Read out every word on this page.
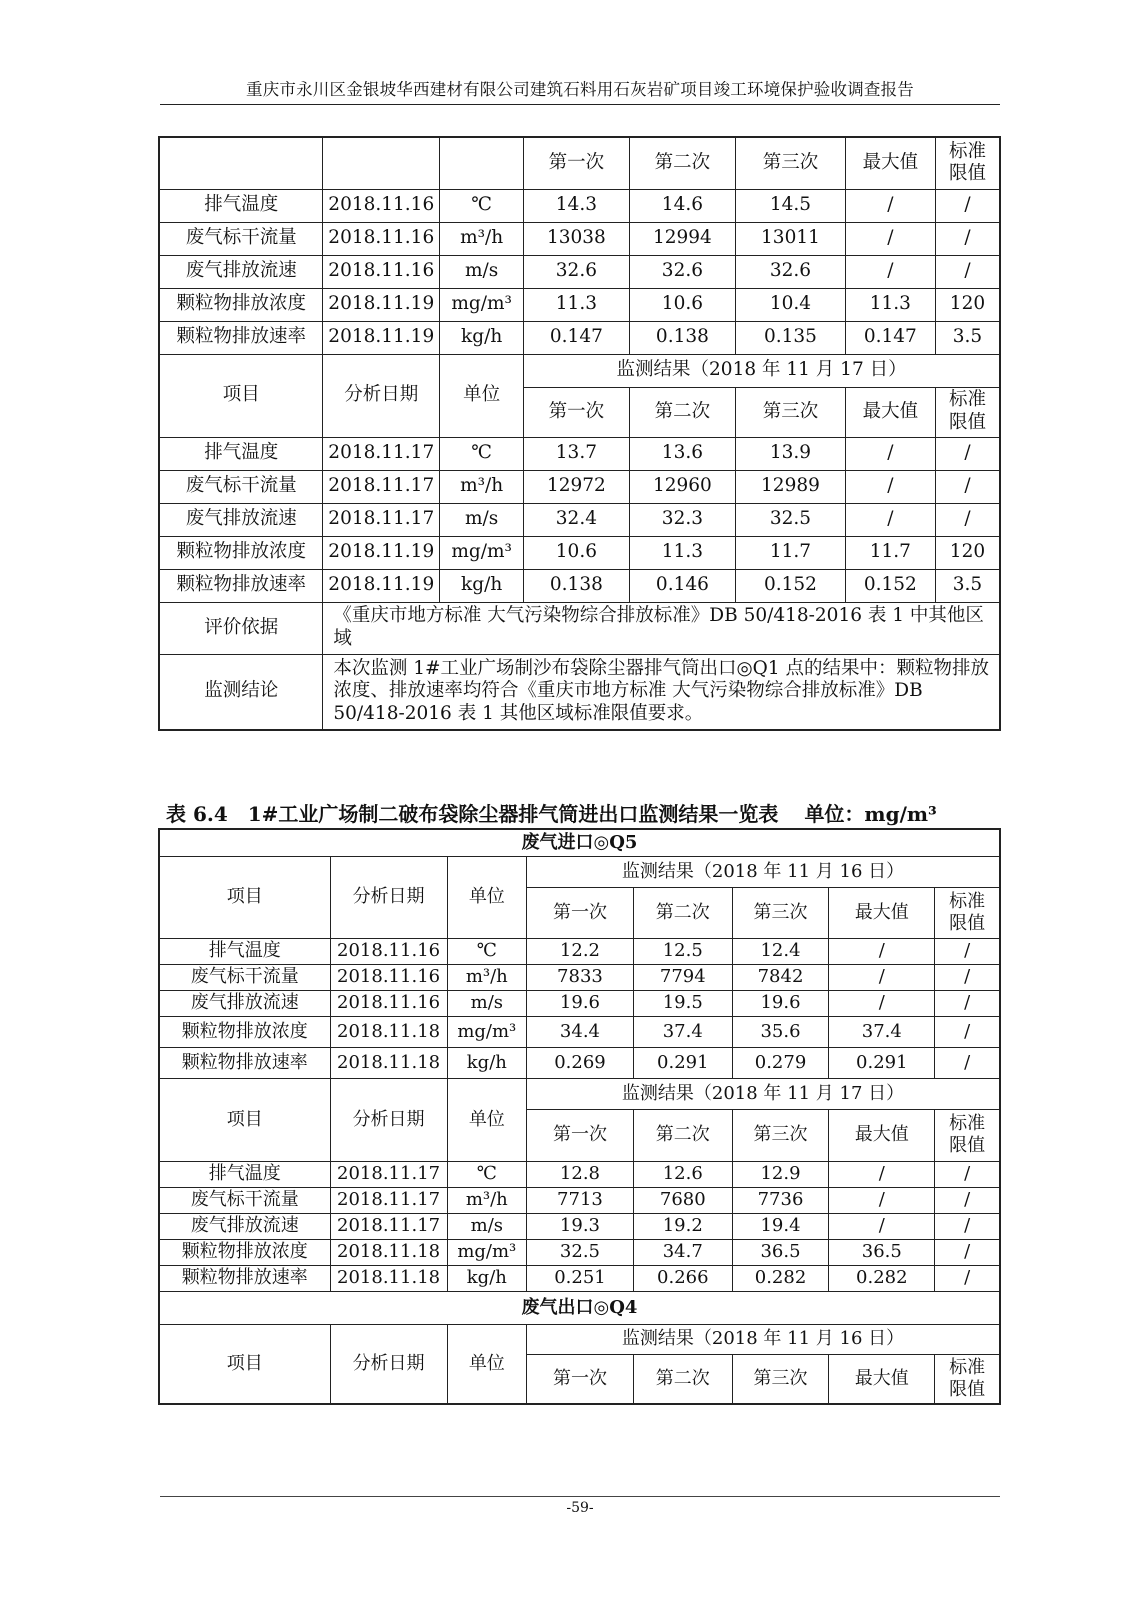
重庆市永川区金银坡华西建材有限公司建筑石料用石灰岩矿项目竣工环境保护验收调查报告
			第一次	第二次	第三次	最大值	标准
限值
排气温度	2018.11.16	℃	14.3	14.6	14.5	/	/
废气标干流量	2018.11.16	m³/h	13038	12994	13011	/	/
废气排放流速	2018.11.16	m/s	32.6	32.6	32.6	/	/
颗粒物排放浓度	2018.11.19	mg/m³	11.3	10.6	10.4	11.3	120
颗粒物排放速率	2018.11.19	kg/h	0.147	0.138	0.135	0.147	3.5
项目	分析日期	单位	监测结果（2018 年 11 月 17 日）				
			第一次	第二次	第三次	最大值	标准
限值
排气温度	2018.11.17	℃	13.7	13.6	13.9	/	/
废气标干流量	2018.11.17	m³/h	12972	12960	12989	/	/
废气排放流速	2018.11.17	m/s	32.4	32.3	32.5	/	/
颗粒物排放浓度	2018.11.19	mg/m³	10.6	11.3	11.7	11.7	120
颗粒物排放速率	2018.11.19	kg/h	0.138	0.146	0.152	0.152	3.5
评价依据	《重庆市地方标准 大气污染物综合排放标准》DB 50/418-2016 表 1 中其他区域						
监测结论	本次监测 1#工业广场制沙布袋除尘器排气筒出口◎Q1 点的结果中：颗粒物排放浓度、排放速率均符合《重庆市地方标准 大气污染物综合排放标准》DB 50/418-2016 表 1 其他区域标准限值要求。						
表 6.4　1#工业广场制二破布袋除尘器排气筒进出口监测结果一览表 单位：mg/m³
废气进口◎Q5							
项目	分析日期	单位	监测结果（2018 年 11 月 16 日）				
			第一次	第二次	第三次	最大值	标准
限值
排气温度	2018.11.16	℃	12.2	12.5	12.4	/	/
废气标干流量	2018.11.16	m³/h	7833	7794	7842	/	/
废气排放流速	2018.11.16	m/s	19.6	19.5	19.6	/	/
颗粒物排放浓度	2018.11.18	mg/m³	34.4	37.4	35.6	37.4	/
颗粒物排放速率	2018.11.18	kg/h	0.269	0.291	0.279	0.291	/
项目	分析日期	单位	监测结果（2018 年 11 月 17 日）				
			第一次	第二次	第三次	最大值	标准
限值
排气温度	2018.11.17	℃	12.8	12.6	12.9	/	/
废气标干流量	2018.11.17	m³/h	7713	7680	7736	/	/
废气排放流速	2018.11.17	m/s	19.3	19.2	19.4	/	/
颗粒物排放浓度	2018.11.18	mg/m³	32.5	34.7	36.5	36.5	/
颗粒物排放速率	2018.11.18	kg/h	0.251	0.266	0.282	0.282	/
废气出口◎Q4							
项目	分析日期	单位	监测结果（2018 年 11 月 16 日）				
			第一次	第二次	第三次	最大值	标准
限值
-59-
